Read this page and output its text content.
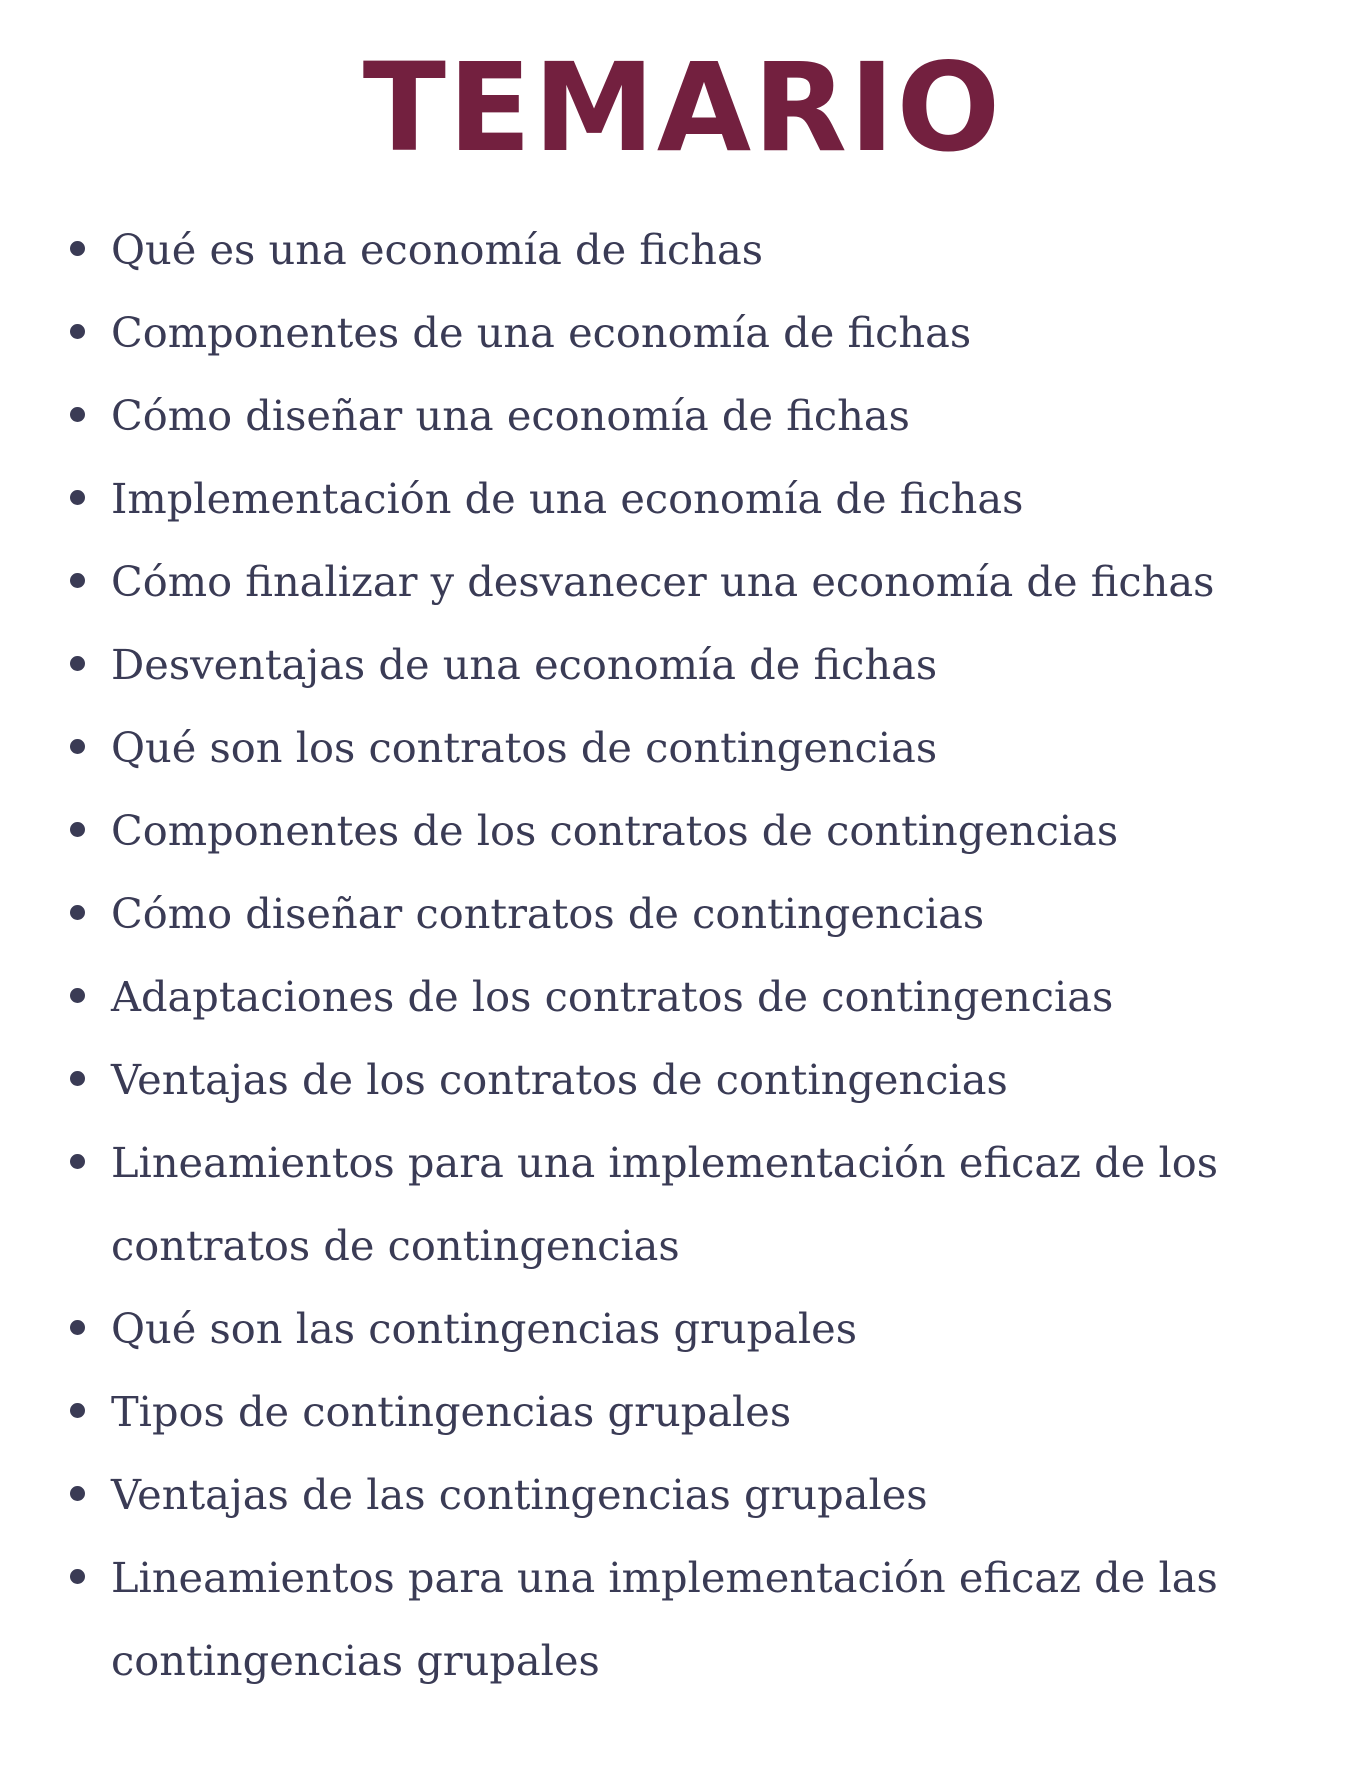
TEMARIO
Qué es una economía de fichas
Componentes de una economía de fichas
Cómo diseñar una economía de fichas
Implementación de una economía de fichas
Cómo finalizar y desvanecer una economía de fichas
Desventajas de una economía de fichas
Qué son los contratos de contingencias
Componentes de los contratos de contingencias
Cómo diseñar contratos de contingencias
Adaptaciones de los contratos de contingencias
Ventajas de los contratos de contingencias
Lineamientos para una implementación eficaz de los
contratos de contingencias
Qué son las contingencias grupales
Tipos de contingencias grupales
Ventajas de las contingencias grupales
Lineamientos para una implementación eficaz de las
contingencias grupales
